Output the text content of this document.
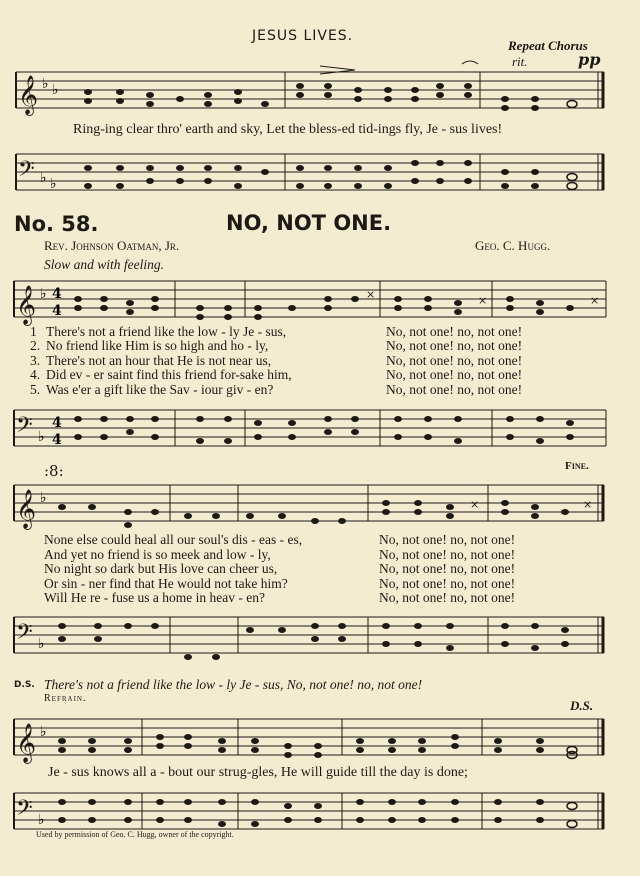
JESUS LIVES.
Repeat Chorus
rit.	pp
𝄞 ♭ ♭
Ring-ing clear thro' earth and sky, Let the bless-ed tid-ings fly, Je - sus lives!
𝄢 ♭ ♭
No. 58.	NO, NOT ONE.
Rev. Johnson Oatman, Jr.	Geo. C. Hugg.
Slow and with feeling.
𝄞 ♭ 4
4
×	×
×
1 There's not a friend like the low - ly Je - sus,	No, not one! no, not one!
2. No friend like Him is so high and ho - ly,	No, not one! no, not one!
3. There's not an hour that He is not near us,	No, not one! no, not one!
4. Did ev - er saint find this friend for-sake him,	No, not one! no, not one!
5. Was e'er a gift like the Sav - iour giv - en?	No, not one! no, not one!
𝄢 ♭
4
4
:8:	Fine.
𝄞 ♭	×	×
None else could heal all our soul's dis - eas - es,	No, not one! no, not one!
And yet no friend is so meek and low - ly,	No, not one! no, not one!
No night so dark but His love can cheer us,	No, not one! no, not one!
Or sin - ner find that He would not take him?	No, not one! no, not one!
Will He re - fuse us a home in heav - en?	No, not one! no, not one!
𝄢 ♭
D.S. There's not a friend like the low - ly Je - sus, No, not one! no, not one!
Refrain.	D.S.
𝄞 ♭
Je - sus knows all a - bout our strug-gles, He will guide till the day is done;
𝄢 ♭
Used by permission of Geo. C. Hugg, owner of the copyright.
